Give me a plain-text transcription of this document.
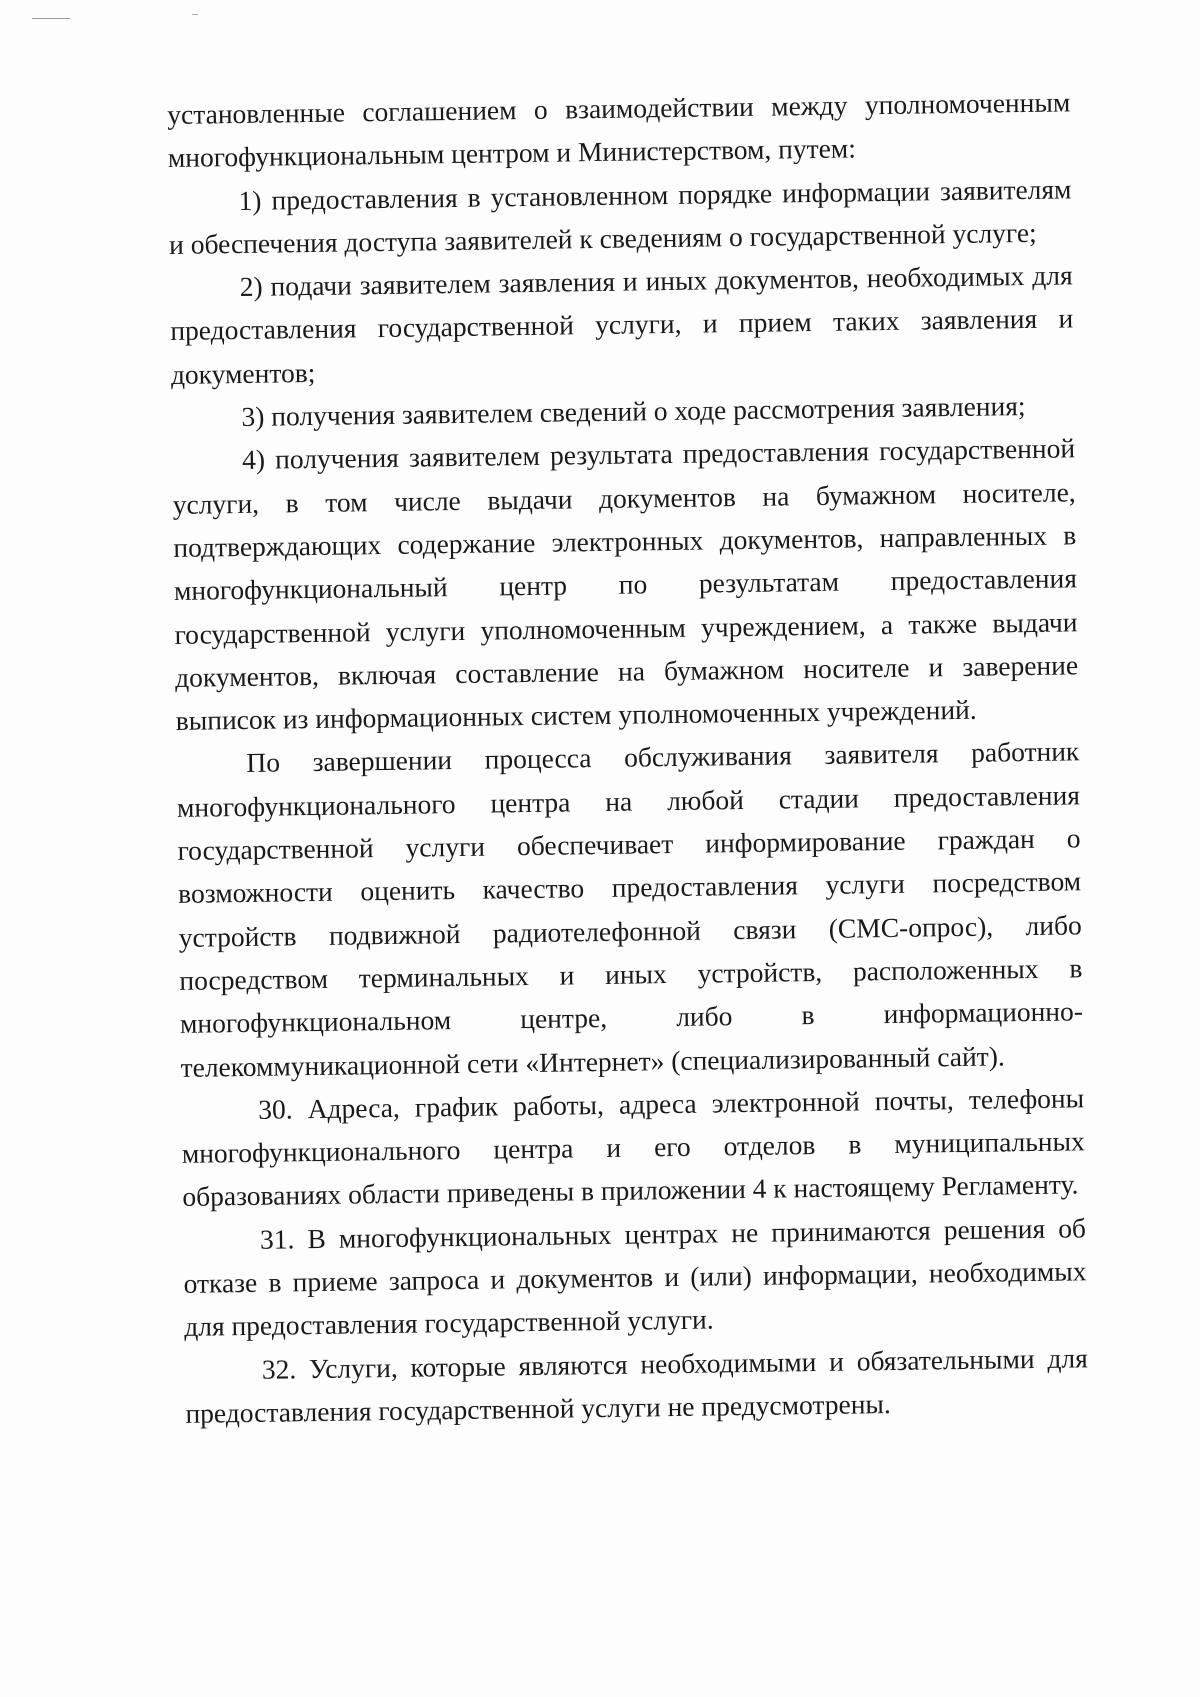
установленные соглашением о взаимодействии между уполномоченным многофункциональным центром и Министерством, путем:

1) предоставления в установленном порядке информации заявителям и обеспечения доступа заявителей к сведениям о государственной услуге;

2) подачи заявителем заявления и иных документов, необходимых для предоставления государственной услуги, и прием таких заявления и документов;

3) получения заявителем сведений о ходе рассмотрения заявления;

4) получения заявителем результата предоставления государственной услуги, в том числе выдачи документов на бумажном носителе, подтверждающих содержание электронных документов, направленных в многофункциональный центр по результатам предоставления государственной услуги уполномоченным учреждением, а также выдачи документов, включая составление на бумажном носителе и заверение выписок из информационных систем уполномоченных учреждений.

По завершении процесса обслуживания заявителя работник многофункционального центра на любой стадии предоставления государственной услуги обеспечивает информирование граждан о возможности оценить качество предоставления услуги посредством устройств подвижной радиотелефонной связи (СМС-опрос), либо посредством терминальных и иных устройств, расположенных в многофункциональном центре, либо в информационно-телекоммуникационной сети «Интернет» (специализированный сайт).

30. Адреса, график работы, адреса электронной почты, телефоны многофункционального центра и его отделов в муниципальных образованиях области приведены в приложении 4 к настоящему Регламенту.

31. В многофункциональных центрах не принимаются решения об отказе в приеме запроса и документов и (или) информации, необходимых для предоставления государственной услуги.

32. Услуги, которые являются необходимыми и обязательными для предоставления государственной услуги не предусмотрены.
